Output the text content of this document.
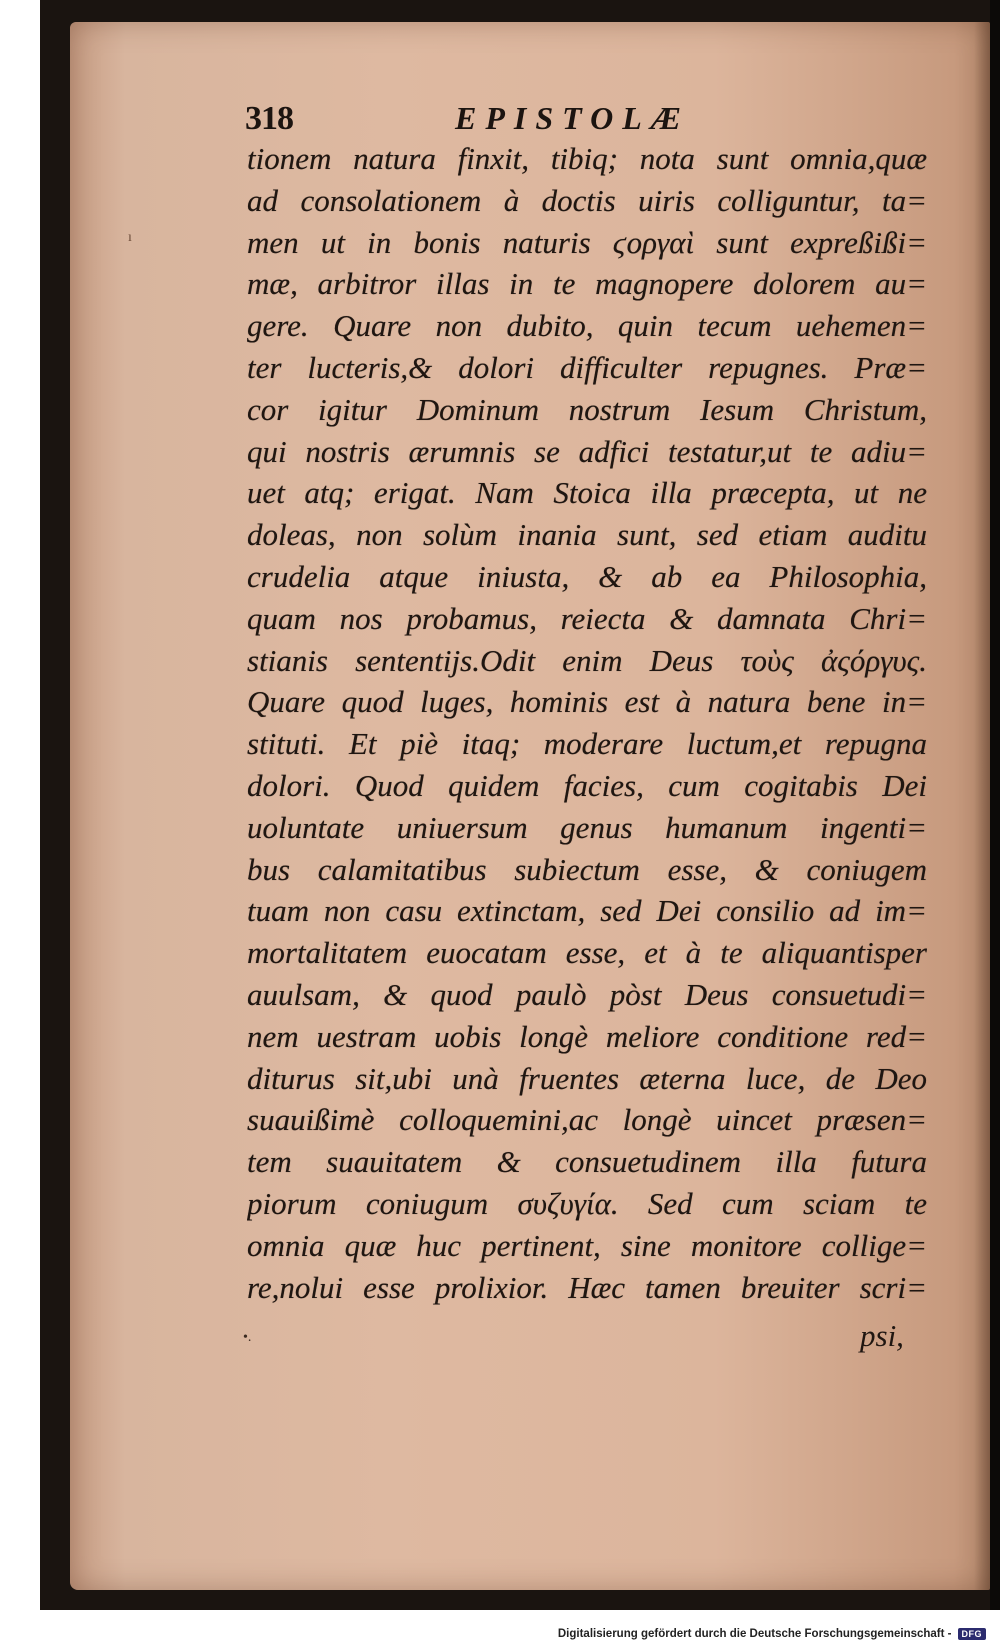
318	EPISTOLÆ
tionem natura finxit, tibiq; nota sunt omnia,quæ
ad consolationem à doctis uiris colliguntur, ta=
men ut in bonis naturis ϛοργαὶ sunt expreßißi=
mæ, arbitror illas in te magnopere dolorem au=
gere. Quare non dubito, quin tecum uehemen=
ter lucteris,& dolori difficulter repugnes. Præ=
cor igitur Dominum nostrum Iesum Christum,
qui nostris ærumnis se adfici testatur,ut te adiu=
uet atq; erigat. Nam Stoica illa præcepta, ut ne
doleas, non solùm inania sunt, sed etiam auditu
crudelia atque iniusta, & ab ea Philosophia,
quam nos probamus, reiecta & damnata Chri=
stianis sententijs.Odit enim Deus τοὺς ἀςόργυς.
Quare quod luges, hominis est à natura bene in=
stituti. Et piè itaq; moderare luctum,et repugna
dolori. Quod quidem facies, cum cogitabis Dei
uoluntate uniuersum genus humanum ingenti=
bus calamitatibus subiectum esse, & coniugem
tuam non casu extinctam, sed Dei consilio ad im=
mortalitatem euocatam esse, et à te aliquantisper
auulsam, & quod paulò pòst Deus consuetudi=
nem uestram uobis longè meliore conditione red=
diturus sit,ubi unà fruentes æterna luce, de Deo
suauißimè colloquemini,ac longè uincet præsen=
tem suauitatem & consuetudinem illa futura
piorum coniugum συζυγία. Sed cum sciam te
omnia quæ huc pertinent, sine monitore collige=
re,nolui esse prolixior. Hæc tamen breuiter scri=
ı
•.	psi,
Digitalisierung gefördert durch die Deutsche Forschungsgemeinschaft -	DFG
